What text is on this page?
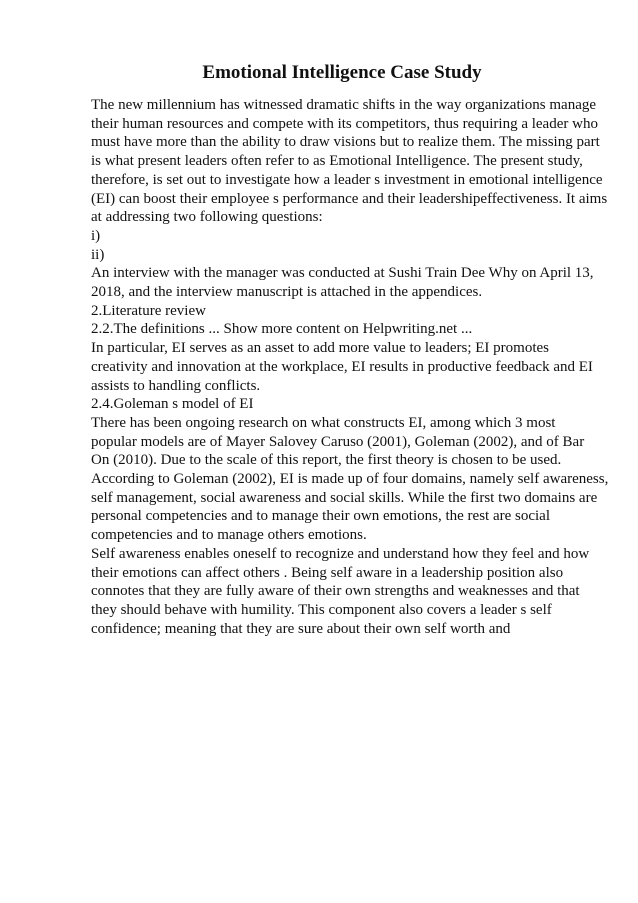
Emotional Intelligence Case Study
The new millennium has witnessed dramatic shifts in the way organizations manage
their human resources and compete with its competitors, thus requiring a leader who
must have more than the ability to draw visions but to realize them. The missing part
is what present leaders often refer to as Emotional Intelligence. The present study,
therefore, is set out to investigate how a leader s investment in emotional intelligence
(EI) can boost their employee s performance and their leadershipeffectiveness. It aims
at addressing two following questions:
i)
ii)
An interview with the manager was conducted at Sushi Train Dee Why on April 13,
2018, and the interview manuscript is attached in the appendices.
2.Literature review
2.2.The definitions ... Show more content on Helpwriting.net ...
In particular, EI serves as an asset to add more value to leaders; EI promotes
creativity and innovation at the workplace, EI results in productive feedback and EI
assists to handling conflicts.
2.4.Goleman s model of EI
There has been ongoing research on what constructs EI, among which 3 most
popular models are of Mayer Salovey Caruso (2001), Goleman (2002), and of Bar
On (2010). Due to the scale of this report, the first theory is chosen to be used.
According to Goleman (2002), EI is made up of four domains, namely self awareness,
self management, social awareness and social skills. While the first two domains are
personal competencies and to manage their own emotions, the rest are social
competencies and to manage others emotions.
Self awareness enables oneself to recognize and understand how they feel and how
their emotions can affect others . Being self aware in a leadership position also
connotes that they are fully aware of their own strengths and weaknesses and that
they should behave with humility. This component also covers a leader s self
confidence; meaning that they are sure about their own self worth and
